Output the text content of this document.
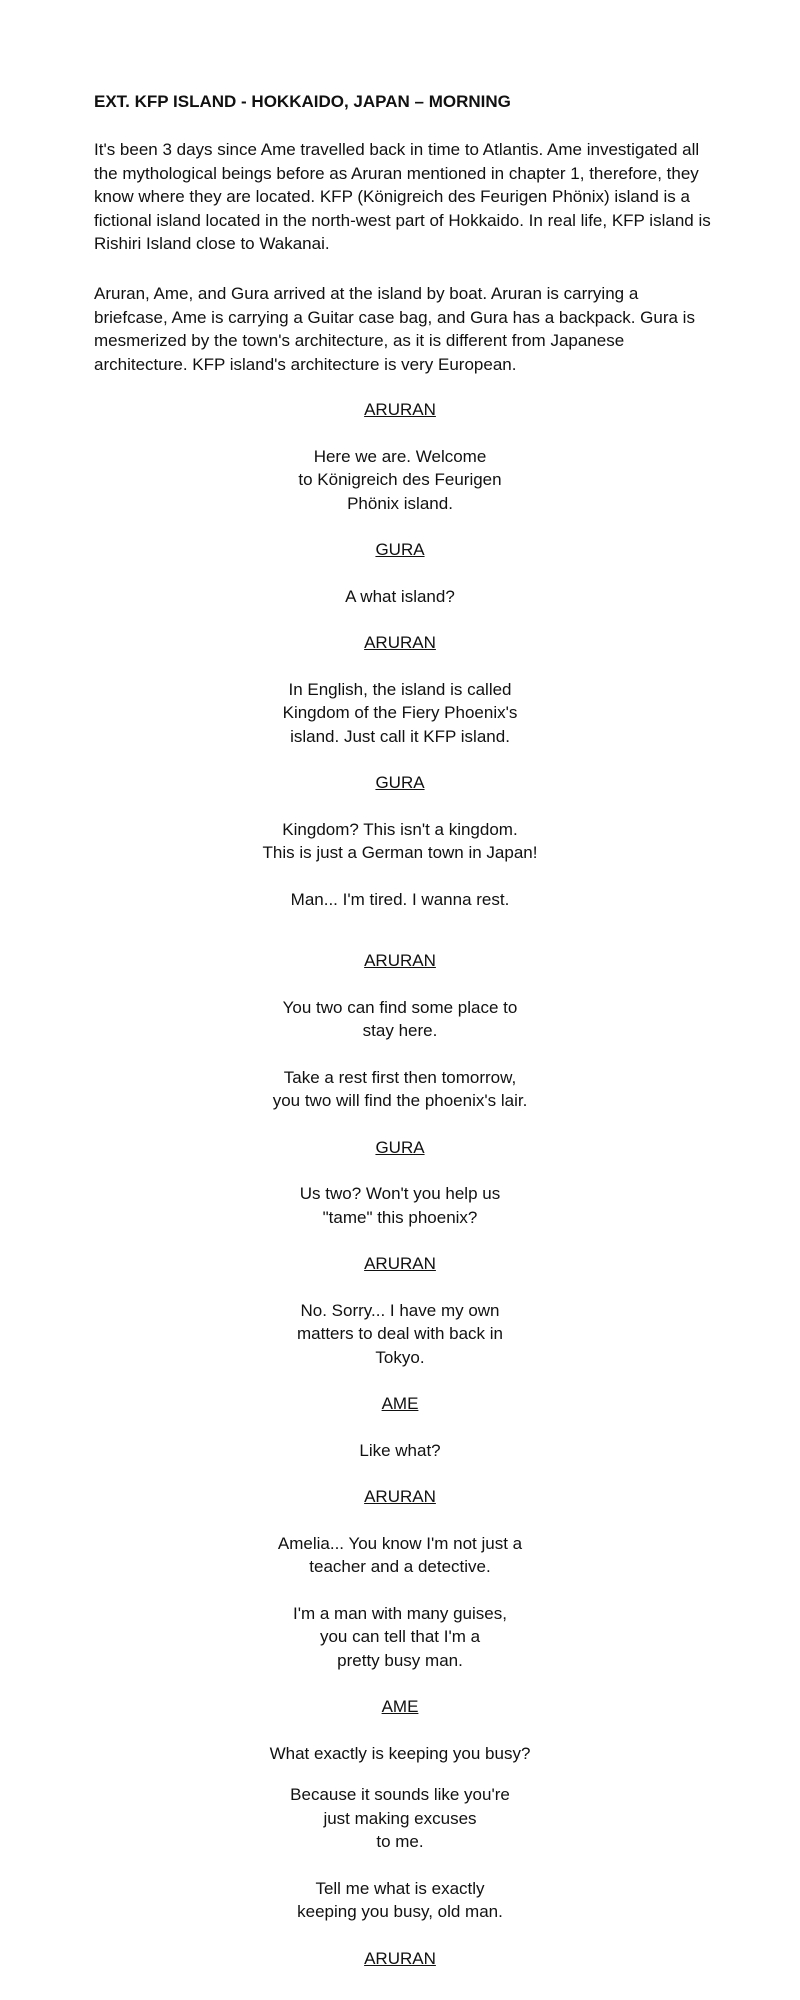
EXT. KFP ISLAND - HOKKAIDO, JAPAN – MORNING
It's been 3 days since Ame travelled back in time to Atlantis. Ame investigated all the mythological beings before as Aruran mentioned in chapter 1, therefore, they know where they are located. KFP (Königreich des Feurigen Phönix) island is a fictional island located in the north-west part of Hokkaido. In real life, KFP island is Rishiri Island close to Wakanai.
Aruran, Ame, and Gura arrived at the island by boat. Aruran is carrying a briefcase, Ame is carrying a Guitar case bag, and Gura has a backpack. Gura is mesmerized by the town's architecture, as it is different from Japanese architecture. KFP island's architecture is very European.

ARURAN

Here we are. Welcome
to Königreich des Feurigen
Phönix island.

GURA

A what island?

ARURAN

In English, the island is called
Kingdom of the Fiery Phoenix's
island. Just call it KFP island.

GURA

Kingdom? This isn't a kingdom.
This is just a German town in Japan!

Man... I'm tired. I wanna rest.

ARURAN

You two can find some place to
stay here.

Take a rest first then tomorrow,
you two will find the phoenix's lair.

GURA

Us two? Won't you help us
"tame" this phoenix?

ARURAN

No. Sorry... I have my own
matters to deal with back in
Tokyo.

AME

Like what?

ARURAN

Amelia... You know I'm not just a
teacher and a detective.

I'm a man with many guises,
you can tell that I'm a
pretty busy man.

AME

What exactly is keeping you busy?

Because it sounds like you're
just making excuses
to me.

Tell me what is exactly
keeping you busy, old man.

ARURAN
